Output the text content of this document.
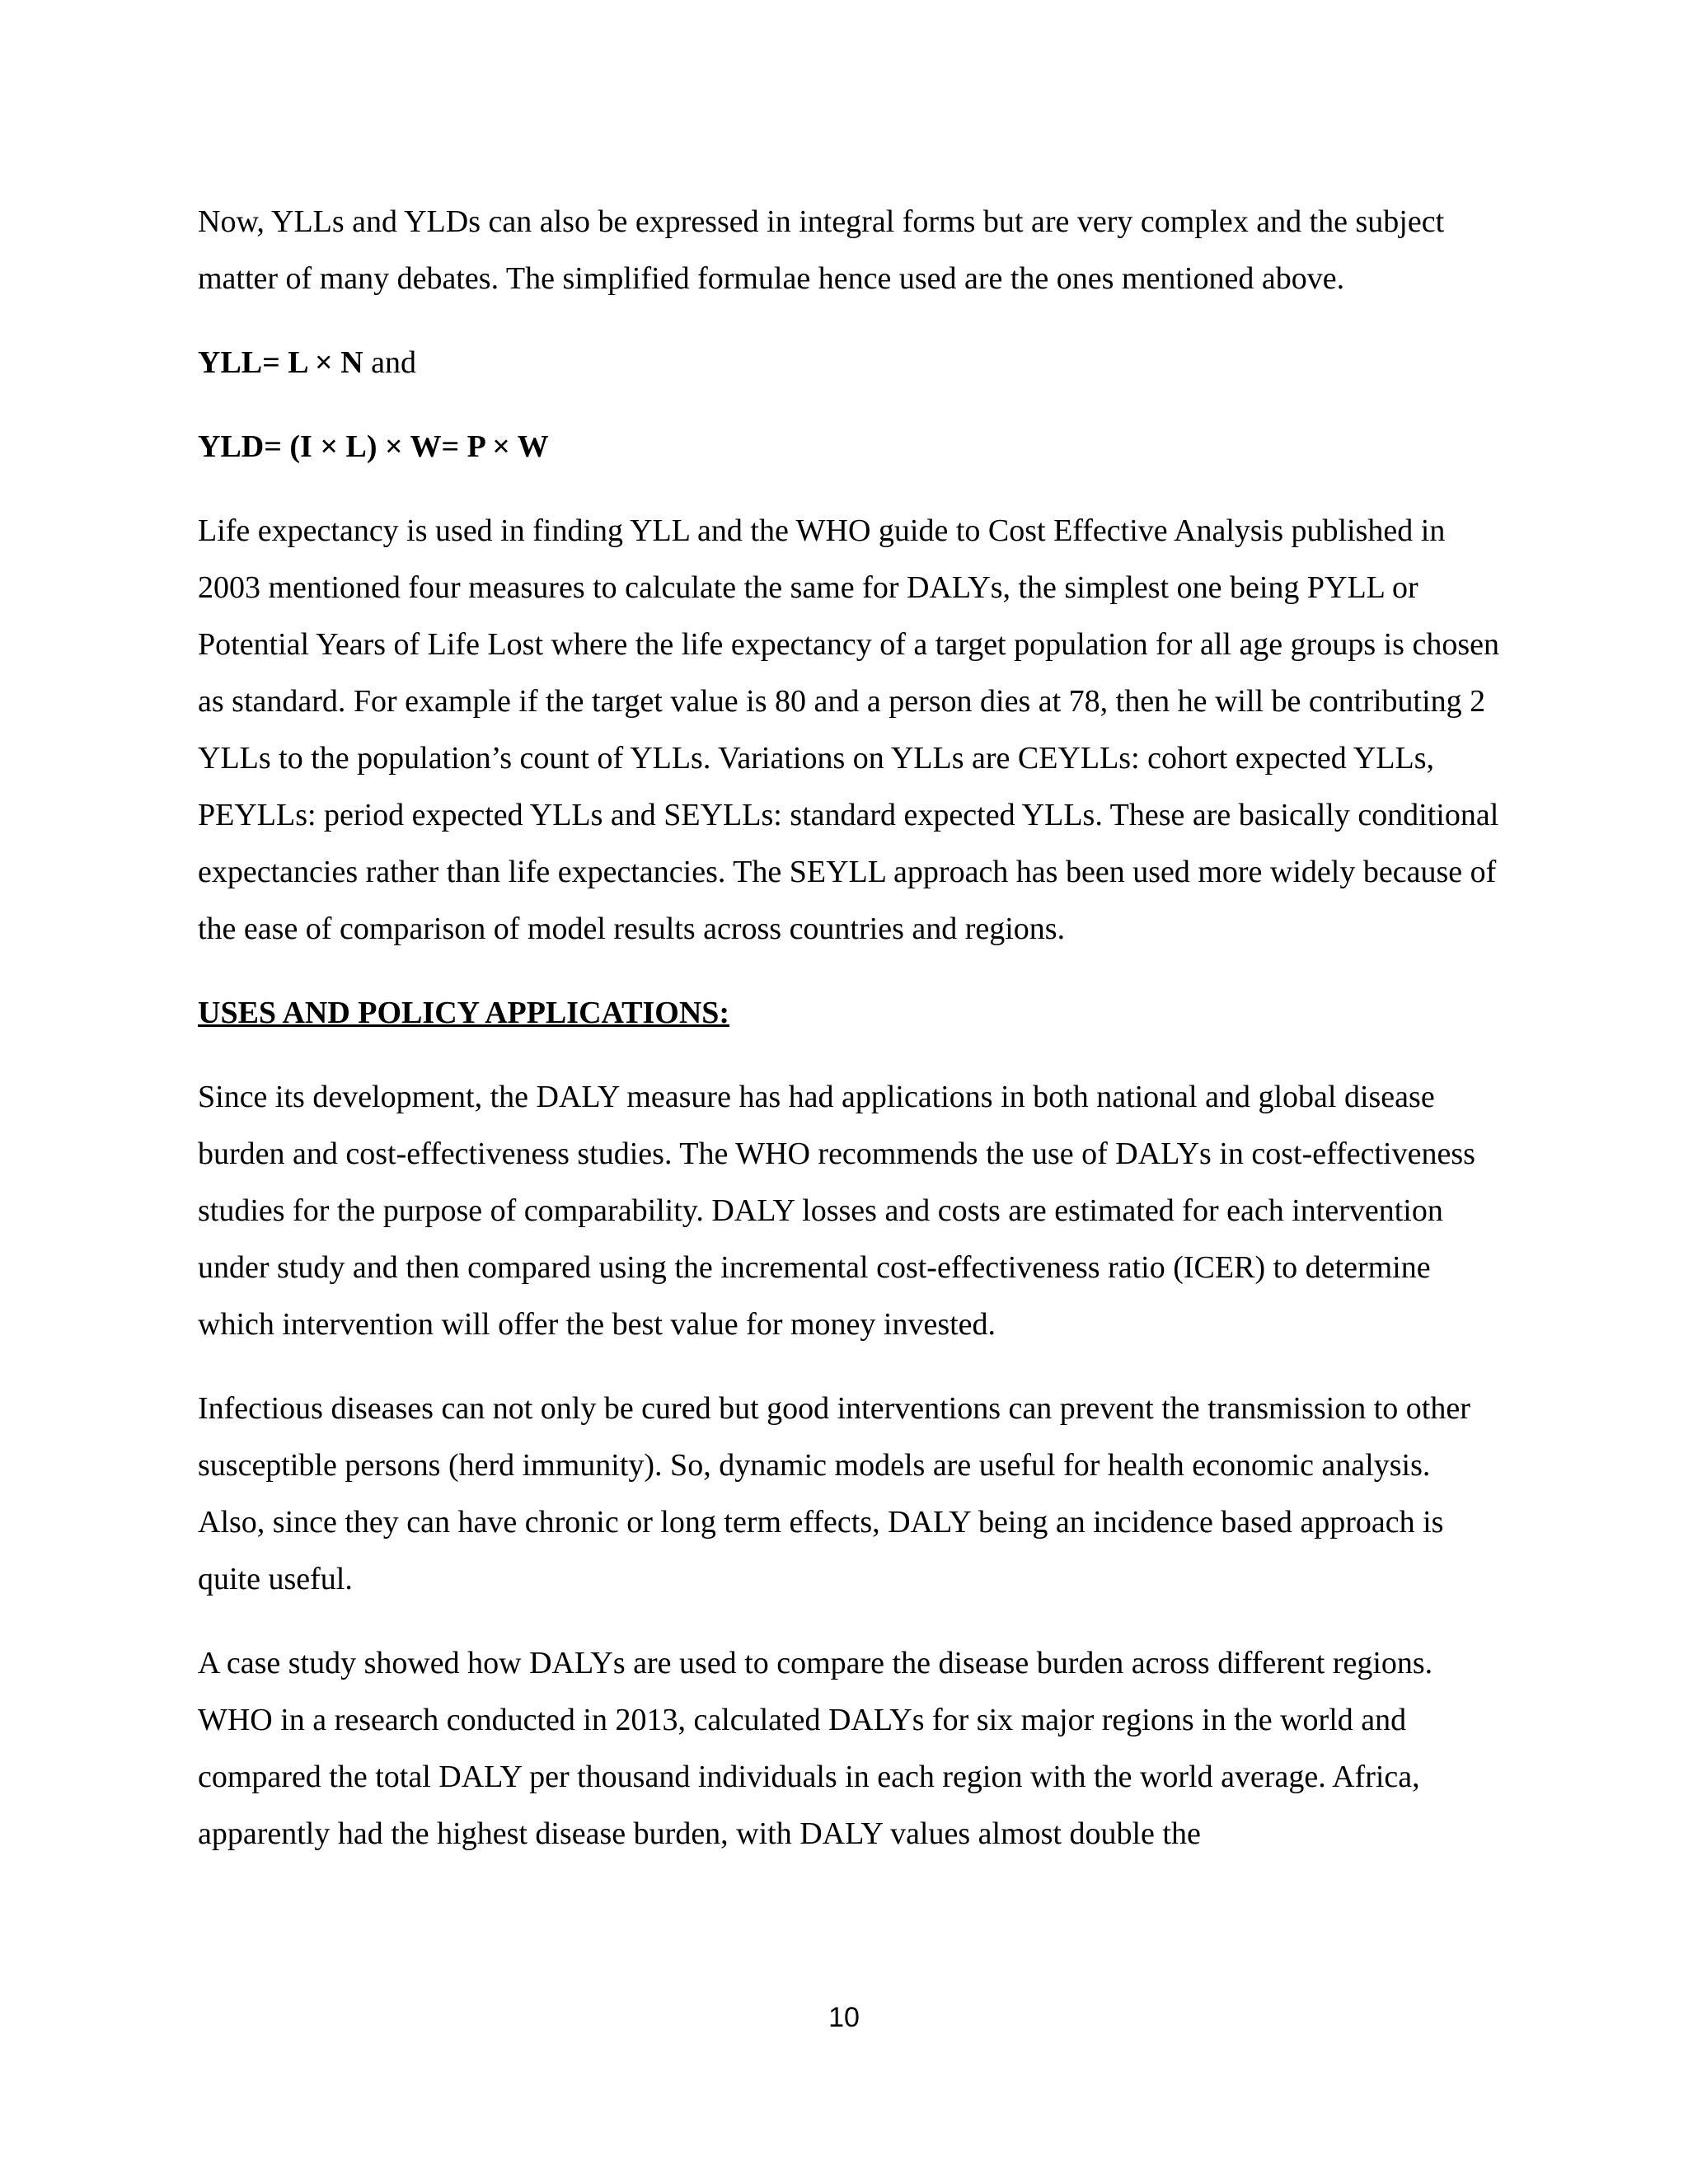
Now, YLLs and YLDs can also be expressed in integral forms but are very complex and the subject matter of many debates. The simplified formulae hence used are the ones mentioned above.

YLL= L × N and
YLD= (I × L) × W= P × W

Life expectancy is used in finding YLL and the WHO guide to Cost Effective Analysis published in 2003 mentioned four measures to calculate the same for DALYs, the simplest one being PYLL or Potential Years of Life Lost where the life expectancy of a target population for all age groups is chosen as standard. For example if the target value is 80 and a person dies at 78, then he will be contributing 2 YLLs to the population’s count of YLLs. Variations on YLLs are CEYLLs: cohort expected YLLs, PEYLLs: period expected YLLs and SEYLLs: standard expected YLLs. These are basically conditional expectancies rather than life expectancies. The SEYLL approach has been used more widely because of the ease of comparison of model results across countries and regions.

USES AND POLICY APPLICATIONS:

Since its development, the DALY measure has had applications in both national and global disease burden and cost-effectiveness studies. The WHO recommends the use of DALYs in cost-effectiveness studies for the purpose of comparability. DALY losses and costs are estimated for each intervention under study and then compared using the incremental cost-effectiveness ratio (ICER) to determine which intervention will offer the best value for money invested.

Infectious diseases can not only be cured but good interventions can prevent the transmission to other susceptible persons (herd immunity). So, dynamic models are useful for health economic analysis. Also, since they can have chronic or long term effects, DALY being an incidence based approach is quite useful.

A case study showed how DALYs are used to compare the disease burden across different regions. WHO in a research conducted in 2013, calculated DALYs for six major regions in the world and compared the total DALY per thousand individuals in each region with the world average. Africa, apparently had the highest disease burden, with DALY values almost double the

10
